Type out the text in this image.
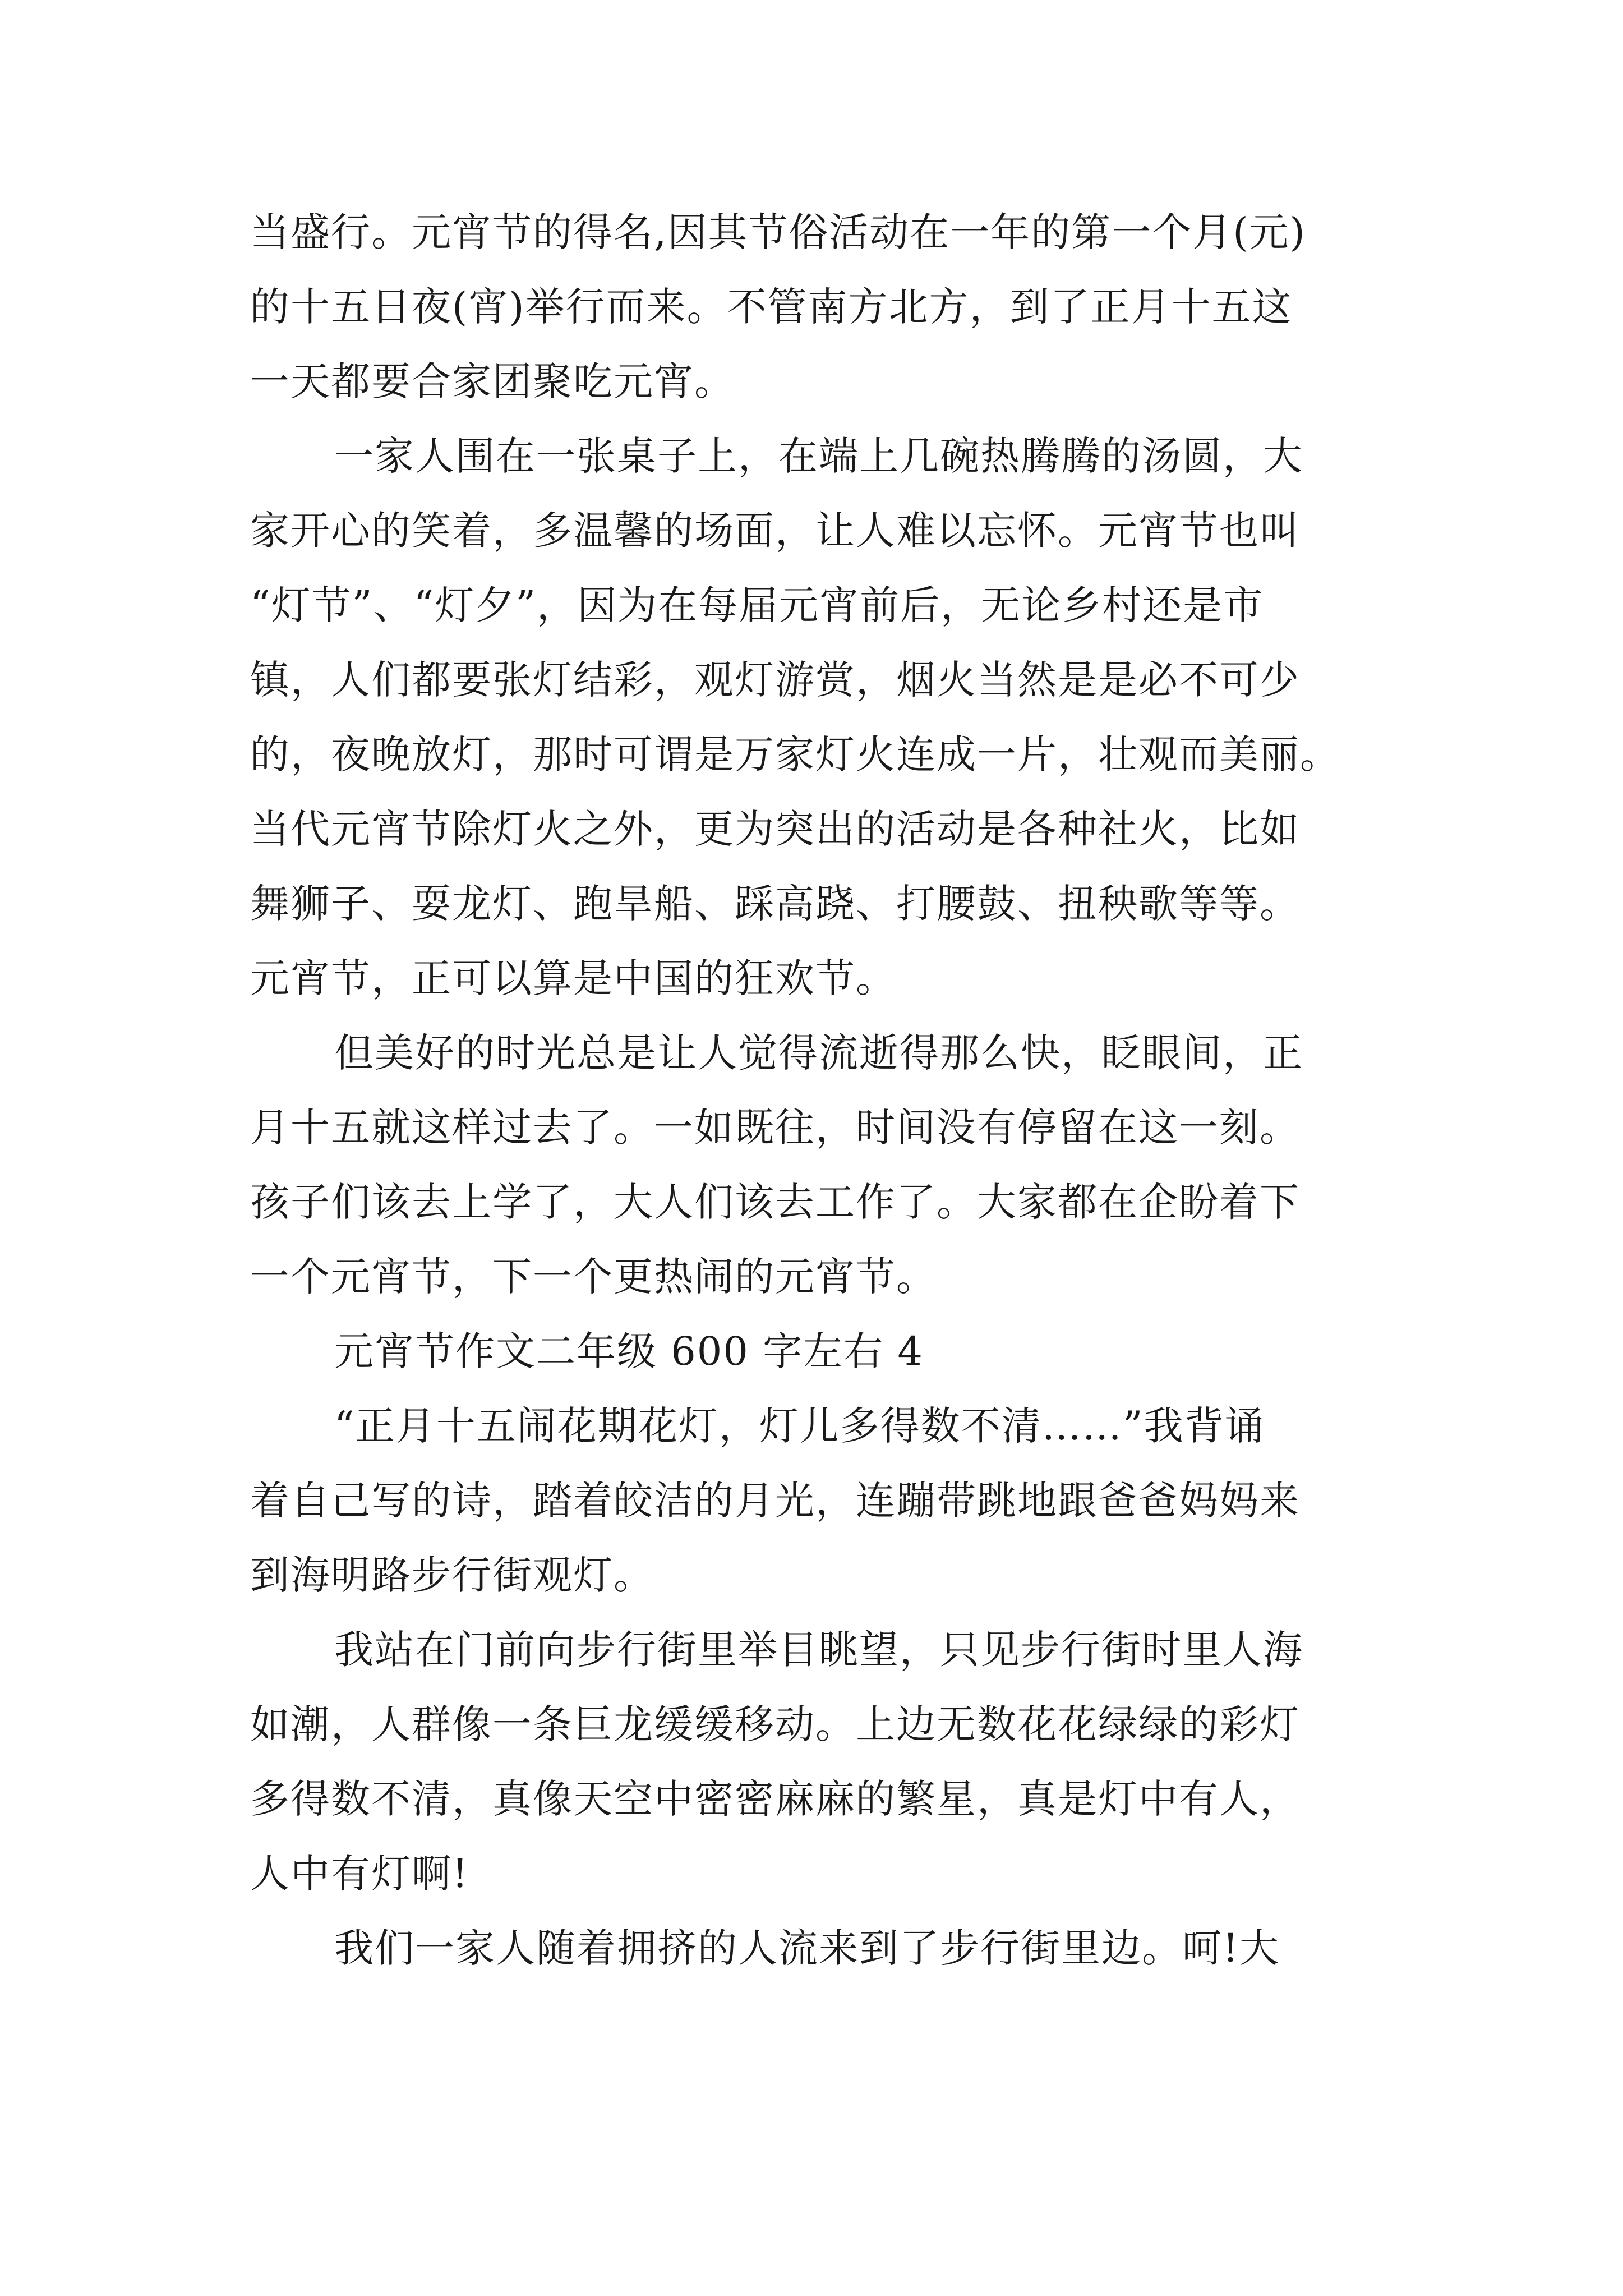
当盛行。元宵节的得名,因其节俗活动在一年的第一个月(元)
的十五日夜(宵)举行而来。不管南方北方，到了正月十五这
一天都要合家团聚吃元宵。
一家人围在一张桌子上，在端上几碗热腾腾的汤圆，大
家开心的笑着，多温馨的场面，让人难以忘怀。元宵节也叫
“灯节”、“灯夕”，因为在每届元宵前后，无论乡村还是市
镇，人们都要张灯结彩，观灯游赏，烟火当然是是必不可少
的，夜晚放灯，那时可谓是万家灯火连成一片，壮观而美丽。
当代元宵节除灯火之外，更为突出的活动是各种社火，比如
舞狮子、耍龙灯、跑旱船、踩高跷、打腰鼓、扭秧歌等等。
元宵节，正可以算是中国的狂欢节。
但美好的时光总是让人觉得流逝得那么快，眨眼间，正
月十五就这样过去了。一如既往，时间没有停留在这一刻。
孩子们该去上学了，大人们该去工作了。大家都在企盼着下
一个元宵节，下一个更热闹的元宵节。
元宵节作文二年级 600 字左右 4
“正月十五闹花期花灯，灯儿多得数不清……”我背诵
着自己写的诗，踏着皎洁的月光，连蹦带跳地跟爸爸妈妈来
到海明路步行街观灯。
我站在门前向步行街里举目眺望，只见步行街时里人海
如潮，人群像一条巨龙缓缓移动。上边无数花花绿绿的彩灯
多得数不清，真像天空中密密麻麻的繁星，真是灯中有人，
人中有灯啊!
我们一家人随着拥挤的人流来到了步行街里边。呵!大
